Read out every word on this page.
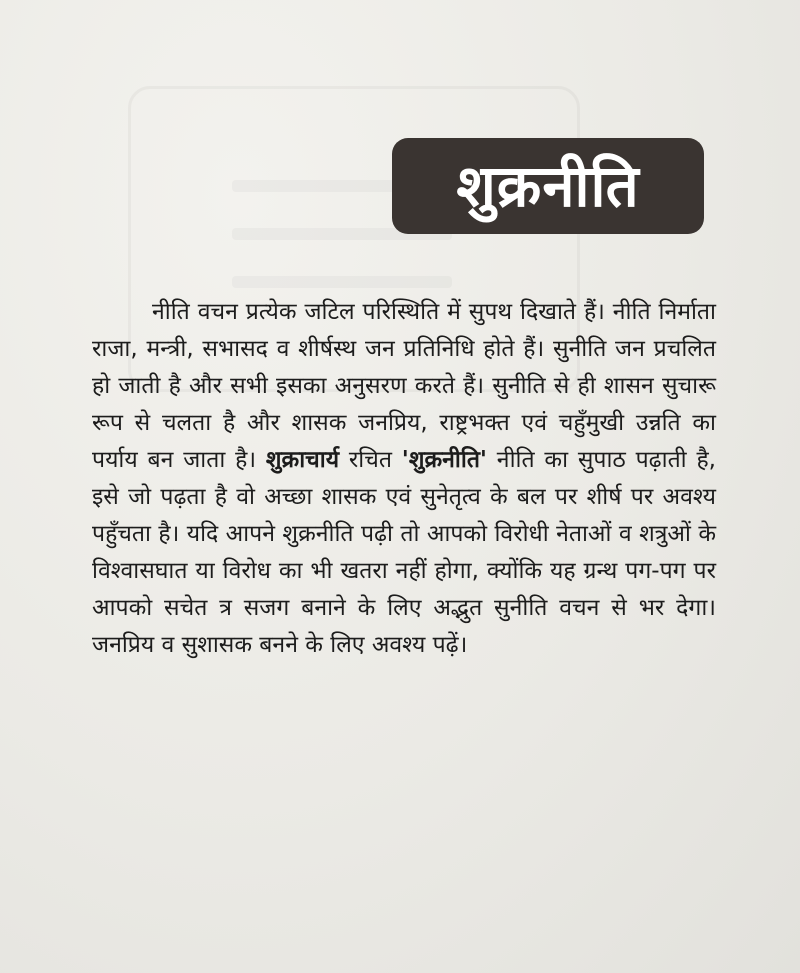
शुक्रनीति

नीति वचन प्रत्येक जटिल परिस्थिति में सुपथ दिखाते हैं। नीति निर्माता राजा, मन्त्री, सभासद व शीर्षस्थ जन प्रतिनिधि होते हैं। सुनीति जन प्रचलित हो जाती है और सभी इसका अनुसरण करते हैं। सुनीति से ही शासन सुचारू रूप से चलता है और शासक जनप्रिय, राष्ट्रभक्त एवं चहुँमुखी उन्नति का पर्याय बन जाता है। शुक्राचार्य रचित 'शुक्रनीति' नीति का सुपाठ पढ़ाती है, इसे जो पढ़ता है वो अच्छा शासक एवं सुनेतृत्व के बल पर शीर्ष पर अवश्य पहुँचता है। यदि आपने शुक्रनीति पढ़ी तो आपको विरोधी नेताओं व शत्रुओं के विश्वासघात या विरोध का भी खतरा नहीं होगा, क्योंकि यह ग्रन्थ पग-पग पर आपको सचेत त्र सजग बनाने के लिए अद्भुत सुनीति वचन से भर देगा। जनप्रिय व सुशासक बनने के लिए अवश्य पढ़ें।
